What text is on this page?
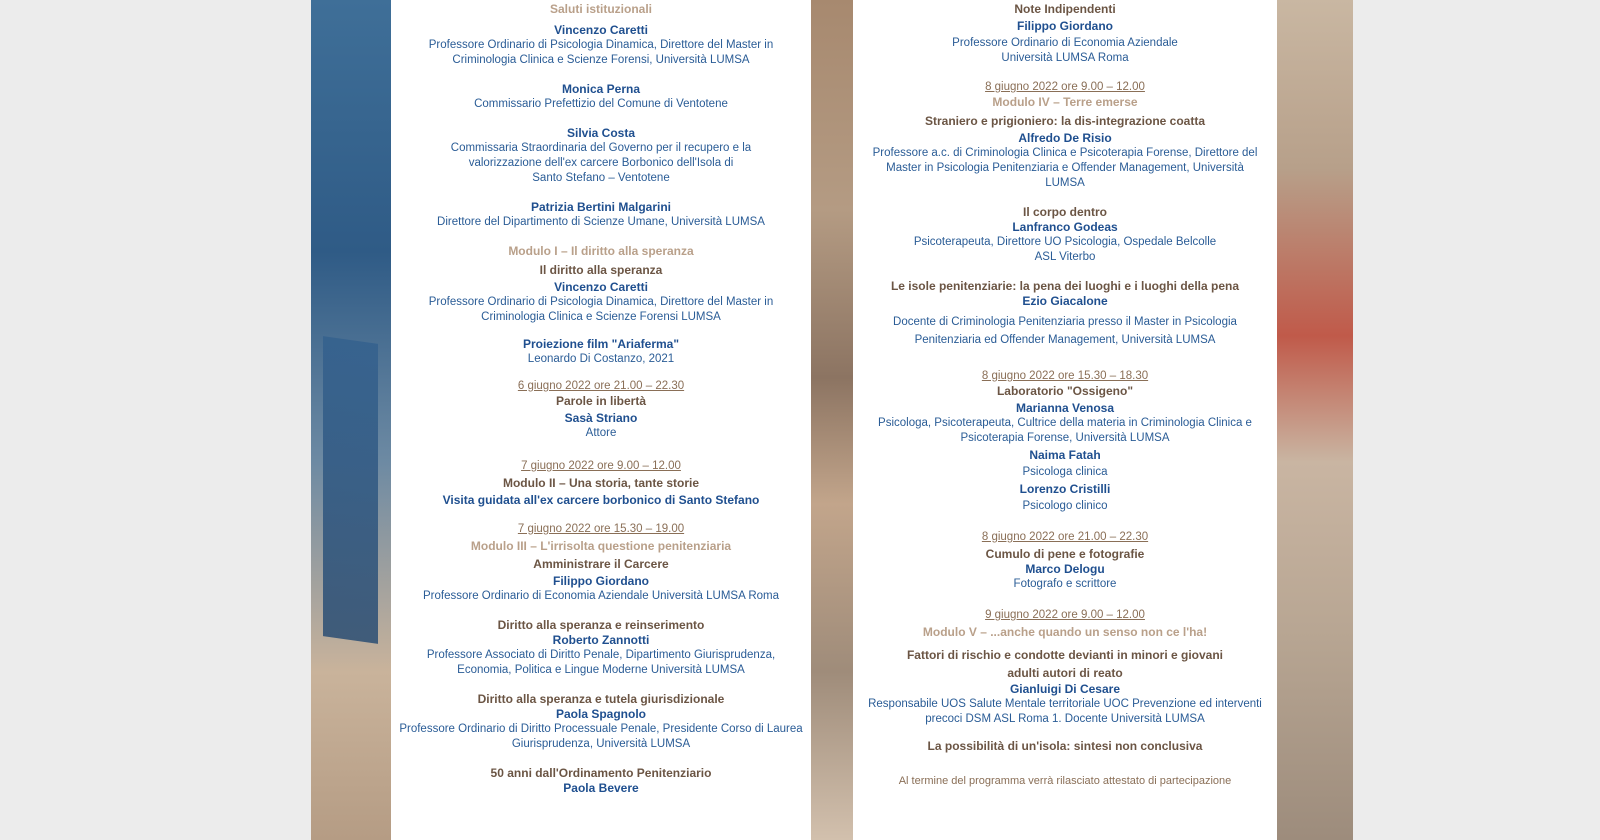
Saluti istituzionali

Vincenzo Caretti

Professore Ordinario di Psicologia Dinamica, Direttore del Master in Criminologia Clinica e Scienze Forensi, Università LUMSA

Monica Perna

Commissario Prefettizio del Comune di Ventotene

Silvia Costa

Commissaria Straordinaria del Governo per il recupero e la valorizzazione dell'ex carcere Borbonico dell'Isola di

Santo Stefano – Ventotene

Patrizia Bertini Malgarini

Direttore del Dipartimento di Scienze Umane, Università LUMSA

Modulo I – Il diritto alla speranza

Il diritto alla speranza

Vincenzo Caretti

Professore Ordinario di Psicologia Dinamica, Direttore del Master in Criminologia Clinica e Scienze Forensi LUMSA

Proiezione film "Ariaferma"

Leonardo Di Costanzo, 2021

6 giugno 2022 ore 21.00 – 22.30

Parole in libertà

Sasà Striano

Attore

7 giugno 2022 ore 9.00 – 12.00

Modulo II – Una storia, tante storie

Visita guidata all'ex carcere borbonico di Santo Stefano

7 giugno 2022 ore 15.30 – 19.00

Modulo III – L'irrisolta questione penitenziaria

Amministrare il Carcere

Filippo Giordano

Professore Ordinario di Economia Aziendale Università LUMSA Roma

Diritto alla speranza e reinserimento

Roberto Zannotti

Professore Associato di Diritto Penale, Dipartimento Giurisprudenza, Economia, Politica e Lingue Moderne Università LUMSA

Diritto alla speranza e tutela giurisdizionale

Paola Spagnolo

Professore Ordinario di Diritto Processuale Penale, Presidente Corso di Laurea Giurisprudenza, Università LUMSA

50 anni dall'Ordinamento Penitenziario

Paola Bevere

Note Indipendenti

Filippo Giordano

Professore Ordinario di Economia Aziendale

Università LUMSA Roma

8 giugno 2022 ore 9.00 – 12.00

Modulo IV – Terre emerse

Straniero e prigioniero: la dis-integrazione coatta

Alfredo De Risio

Professore a.c. di Criminologia Clinica e Psicoterapia Forense, Direttore del Master in Psicologia Penitenziaria e Offender Management, Università LUMSA

Il corpo dentro

Lanfranco Godeas

Psicoterapeuta, Direttore UO Psicologia, Ospedale Belcolle

ASL Viterbo

Le isole penitenziarie: la pena dei luoghi e i luoghi della pena

Ezio Giacalone

Docente di Criminologia Penitenziaria presso il Master in Psicologia Penitenziaria ed Offender Management, Università LUMSA

8 giugno 2022 ore 15.30 – 18.30

Laboratorio "Ossigeno"

Marianna Venosa

Psicologa, Psicoterapeuta, Cultrice della materia in Criminologia Clinica e Psicoterapia Forense, Università LUMSA

Naima Fatah

Psicologa clinica

Lorenzo Cristilli

Psicologo clinico

8 giugno 2022 ore 21.00 – 22.30

Cumulo di pene e fotografie

Marco Delogu

Fotografo e scrittore

9 giugno 2022 ore 9.00 – 12.00

Modulo V – ...anche quando un senso non ce l'ha!

Fattori di rischio e condotte devianti in minori e giovani

adulti autori di reato

Gianluigi Di Cesare

Responsabile UOS Salute Mentale territoriale UOC Prevenzione ed interventi precoci DSM ASL Roma 1. Docente Università LUMSA

La possibilità di un'isola: sintesi non conclusiva

Al termine del programma verrà rilasciato attestato di partecipazione
